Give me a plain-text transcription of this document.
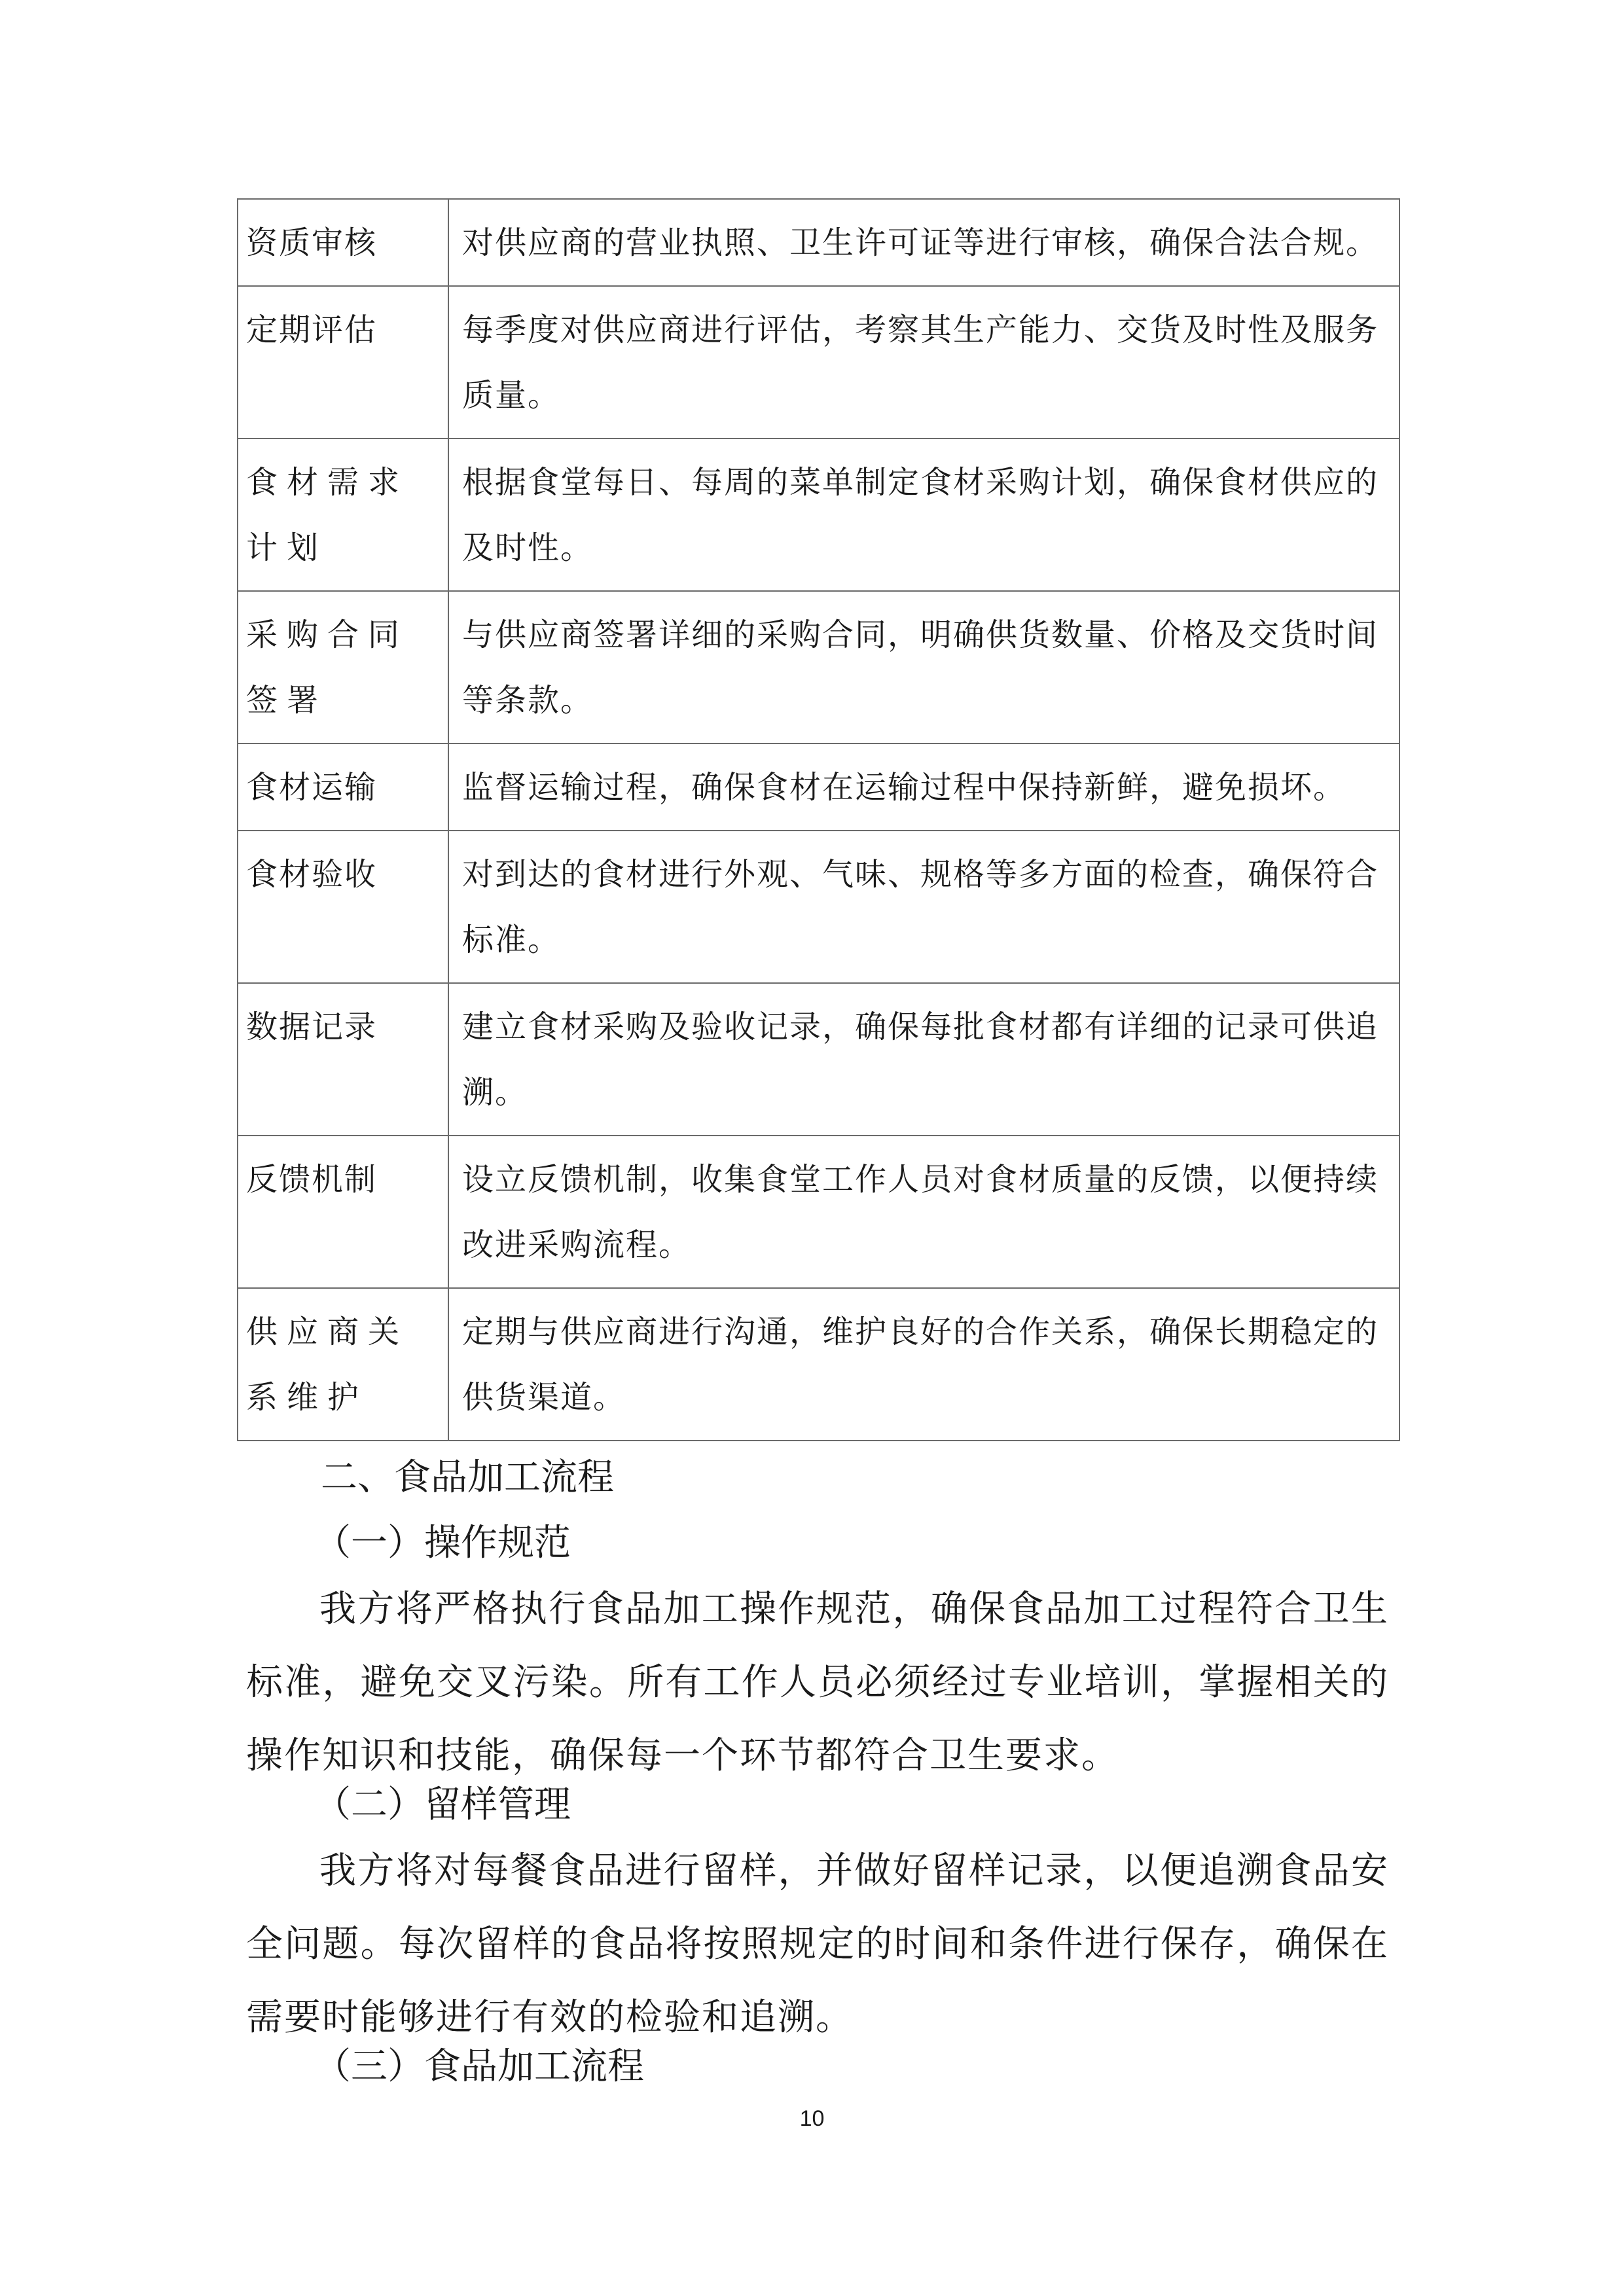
资质审核	对供应商的营业执照、卫生许可证等进行审核，确保合法合规。
定期评估	每季度对供应商进行评估，考察其生产能力、交货及时性及服务质量。
食材需求计划	根据食堂每日、每周的菜单制定食材采购计划，确保食材供应的及时性。
采购合同签署	与供应商签署详细的采购合同，明确供货数量、价格及交货时间等条款。
食材运输	监督运输过程，确保食材在运输过程中保持新鲜，避免损坏。
食材验收	对到达的食材进行外观、气味、规格等多方面的检查，确保符合标准。
数据记录	建立食材采购及验收记录，确保每批食材都有详细的记录可供追溯。
反馈机制	设立反馈机制，收集食堂工作人员对食材质量的反馈，以便持续改进采购流程。
供应商关系维护	定期与供应商进行沟通，维护良好的合作关系，确保长期稳定的供货渠道。
二、食品加工流程
（一）操作规范
我方将严格执行食品加工操作规范，确保食品加工过程符合卫生标准，避免交叉污染。所有工作人员必须经过专业培训，掌握相关的操作知识和技能，确保每一个环节都符合卫生要求。
（二）留样管理
我方将对每餐食品进行留样，并做好留样记录，以便追溯食品安全问题。每次留样的食品将按照规定的时间和条件进行保存，确保在需要时能够进行有效的检验和追溯。
（三）食品加工流程
10
